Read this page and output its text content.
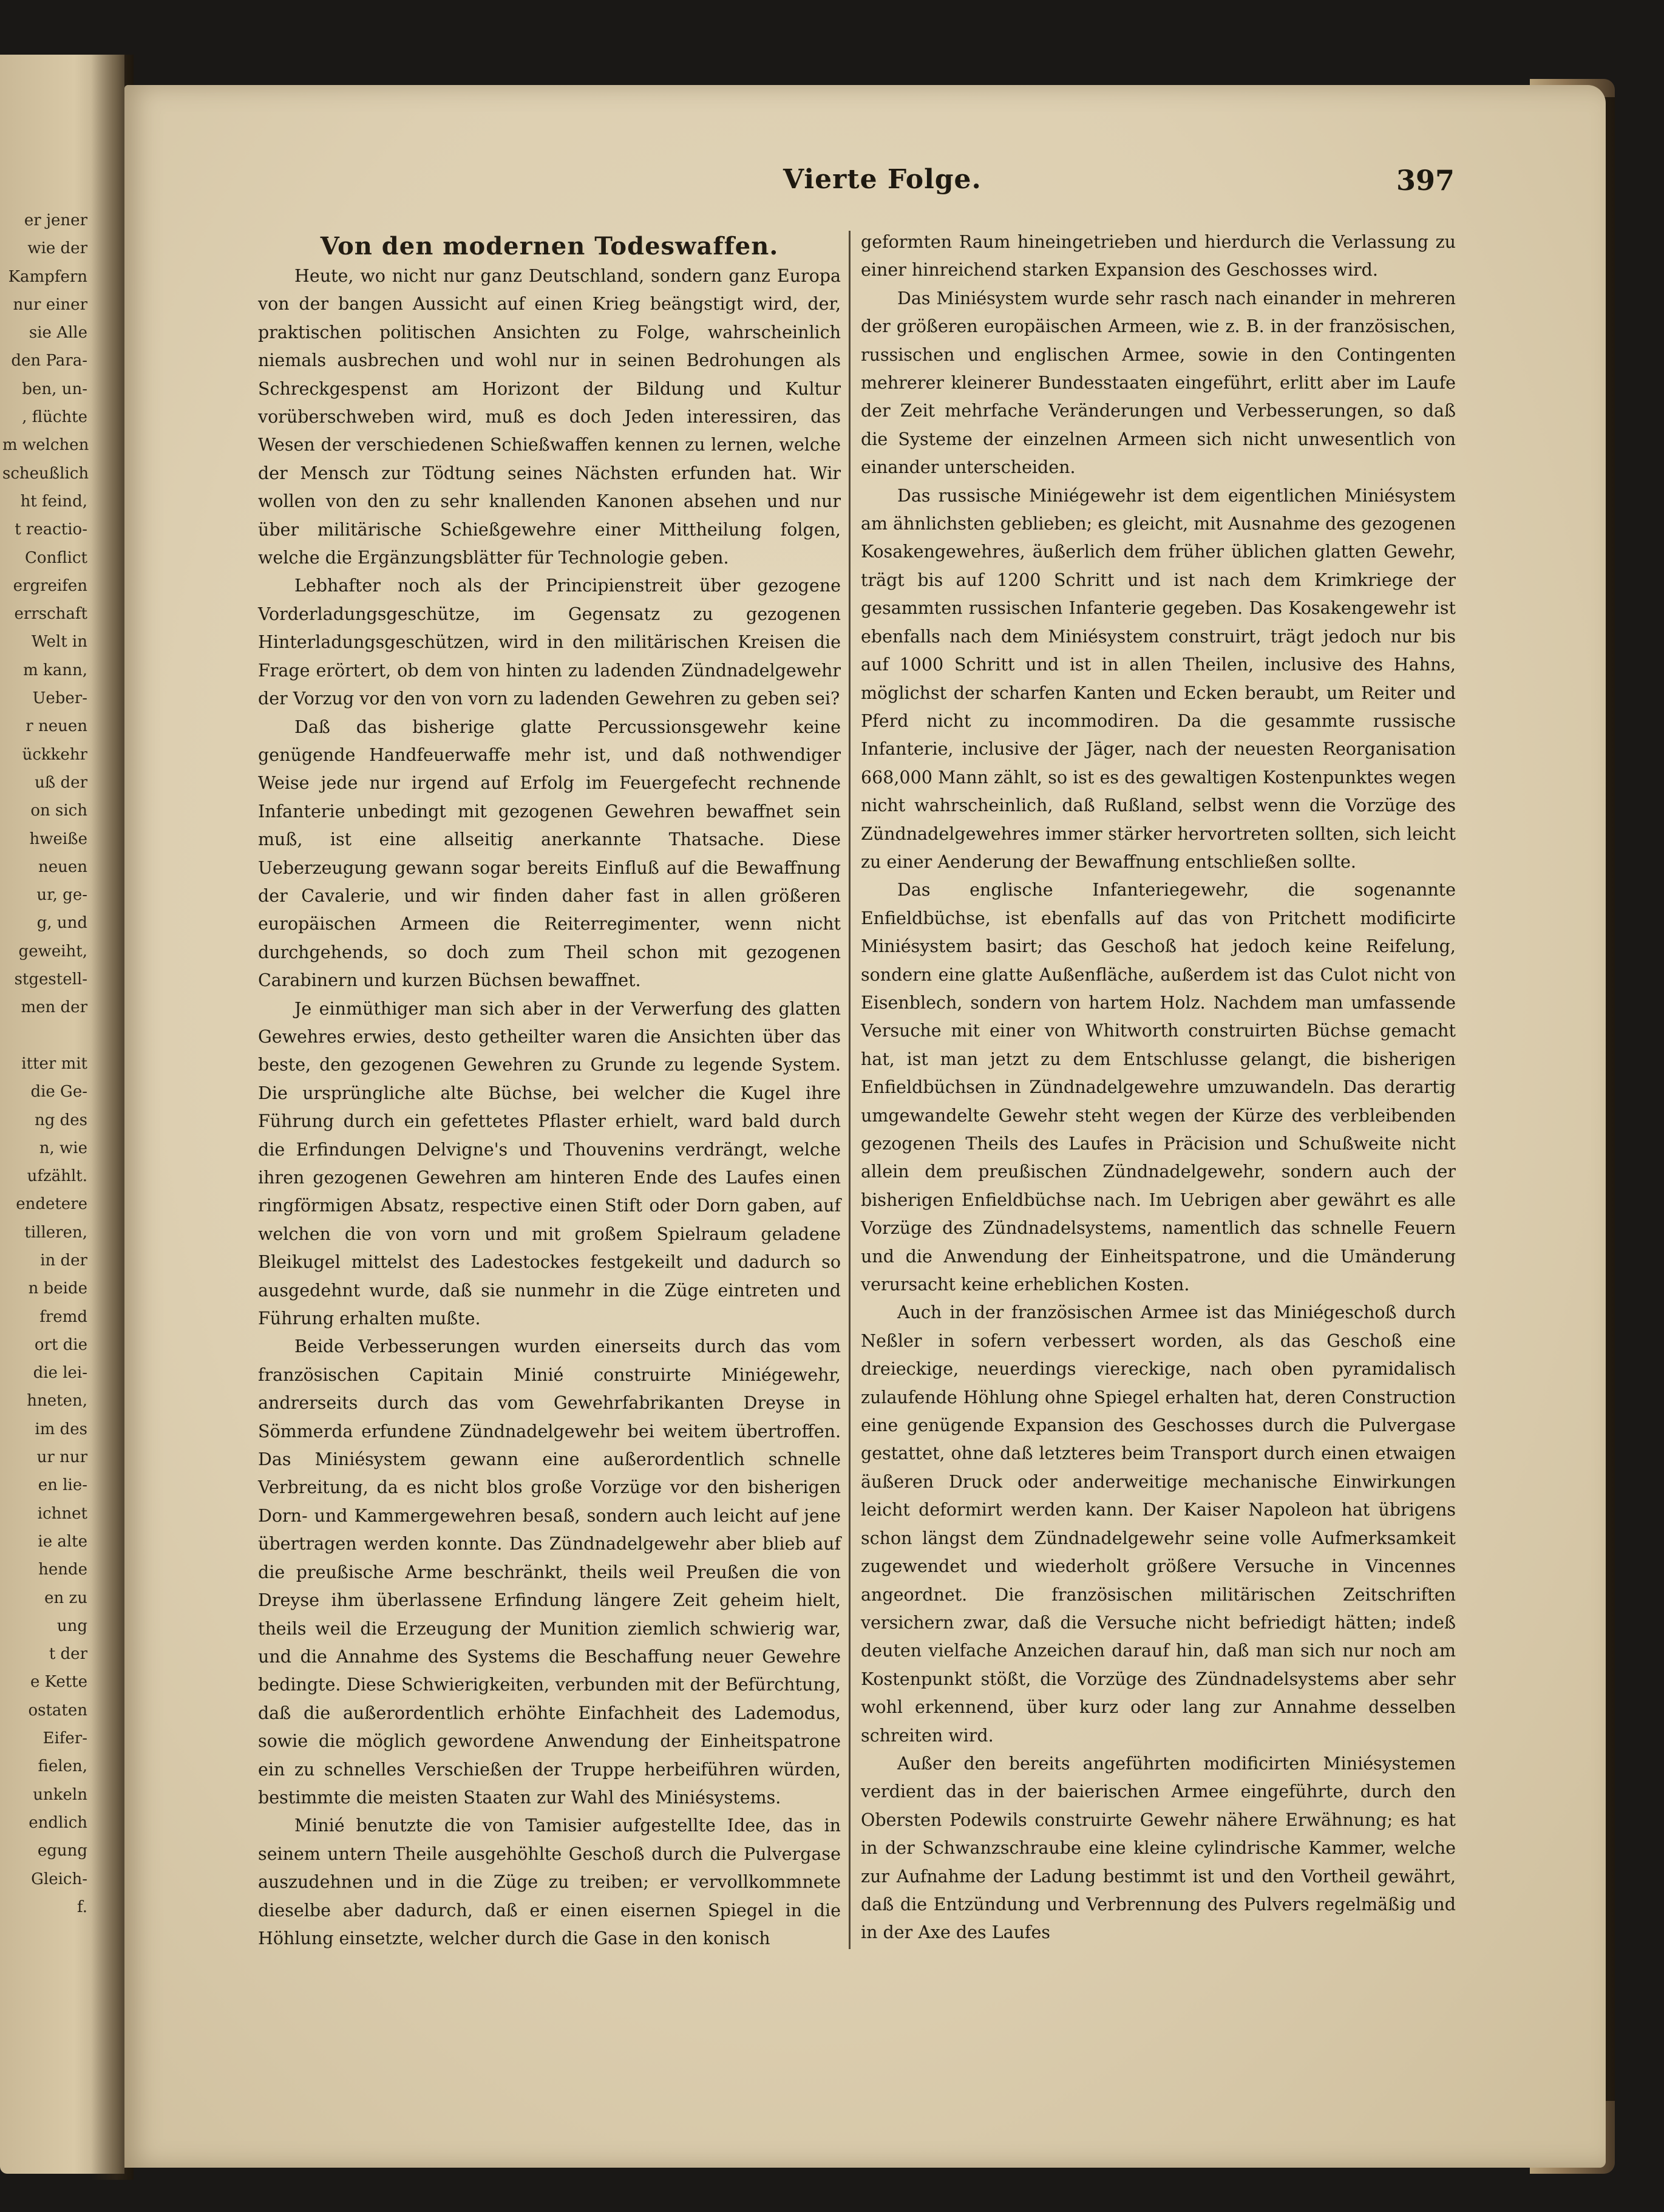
er jener
wie der
Kampfern
nur einer
sie Alle
den Para-
ben, un-
, flüchte
m welchen
scheußlich
ht feind,
t reactio-
Conflict
ergreifen
errschaft
Welt in
m kann,
Ueber-
r neuen
ückkehr
uß der
on sich
hweiße
neuen
ur, ge-
g, und
geweiht,
stgestell-
men der

itter mit
die Ge-
ng des
n, wie
ufzählt.
endetere
tilleren,
in der
n beide
fremd
ort die
die lei-
hneten,
im des
ur nur
en lie-
ichnet
ie alte
hende
en zu
ung
t der
e Kette
ostaten
Eifer-
fielen,
unkeln
endlich
egung
Gleich-
f.
Vierte Folge.	397
Von den modernen Todeswaffen.

Heute, wo nicht nur ganz Deutschland, sondern ganz Europa von der bangen Aussicht auf einen Krieg beängstigt wird, der, praktischen politischen Ansichten zu Folge, wahrscheinlich niemals ausbrechen und wohl nur in seinen Bedrohungen als Schreckgespenst am Horizont der Bildung und Kultur vorüberschweben wird, muß es doch Jeden interessiren, das Wesen der verschiedenen Schießwaffen kennen zu lernen, welche der Mensch zur Tödtung seines Nächsten erfunden hat. Wir wollen von den zu sehr knallenden Kanonen absehen und nur über militärische Schießgewehre einer Mittheilung folgen, welche die Ergänzungsblätter für Technologie geben.

Lebhafter noch als der Principienstreit über gezogene Vorderladungsgeschütze, im Gegensatz zu gezogenen Hinterladungsgeschützen, wird in den militärischen Kreisen die Frage erörtert, ob dem von hinten zu ladenden Zündnadelgewehr der Vorzug vor den von vorn zu ladenden Gewehren zu geben sei?

Daß das bisherige glatte Percussionsgewehr keine genügende Handfeuerwaffe mehr ist, und daß nothwendiger Weise jede nur irgend auf Erfolg im Feuergefecht rechnende Infanterie unbedingt mit gezogenen Gewehren bewaffnet sein muß, ist eine allseitig anerkannte Thatsache. Diese Ueberzeugung gewann sogar bereits Einfluß auf die Bewaffnung der Cavalerie, und wir finden daher fast in allen größeren europäischen Armeen die Reiterregimenter, wenn nicht durchgehends, so doch zum Theil schon mit gezogenen Carabinern und kurzen Büchsen bewaffnet.

Je einmüthiger man sich aber in der Verwerfung des glatten Gewehres erwies, desto getheilter waren die Ansichten über das beste, den gezogenen Gewehren zu Grunde zu legende System. Die ursprüngliche alte Büchse, bei welcher die Kugel ihre Führung durch ein gefettetes Pflaster erhielt, ward bald durch die Erfindungen Delvigne's und Thouvenins verdrängt, welche ihren gezogenen Gewehren am hinteren Ende des Laufes einen ringförmigen Absatz, respective einen Stift oder Dorn gaben, auf welchen die von vorn und mit großem Spielraum geladene Bleikugel mittelst des Ladestockes festgekeilt und dadurch so ausgedehnt wurde, daß sie nunmehr in die Züge eintreten und Führung erhalten mußte.

Beide Verbesserungen wurden einerseits durch das vom französischen Capitain Minié construirte Miniégewehr, andrerseits durch das vom Gewehrfabrikanten Dreyse in Sömmerda erfundene Zündnadelgewehr bei weitem übertroffen. Das Miniésystem gewann eine außerordentlich schnelle Verbreitung, da es nicht blos große Vorzüge vor den bisherigen Dorn- und Kammergewehren besaß, sondern auch leicht auf jene übertragen werden konnte. Das Zündnadelgewehr aber blieb auf die preußische Arme beschränkt, theils weil Preußen die von Dreyse ihm überlassene Erfindung längere Zeit geheim hielt, theils weil die Erzeugung der Munition ziemlich schwierig war, und die Annahme des Systems die Beschaffung neuer Gewehre bedingte. Diese Schwierigkeiten, verbunden mit der Befürchtung, daß die außerordentlich erhöhte Einfachheit des Lademodus, sowie die möglich gewordene Anwendung der Einheitspatrone ein zu schnelles Verschießen der Truppe herbeiführen würden, bestimmte die meisten Staaten zur Wahl des Miniésystems.

Minié benutzte die von Tamisier aufgestellte Idee, das in seinem untern Theile ausgehöhlte Geschoß durch die Pulvergase auszudehnen und in die Züge zu treiben; er vervollkommnete dieselbe aber dadurch, daß er einen eisernen Spiegel in die Höhlung einsetzte, welcher durch die Gase in den konisch

geformten Raum hineingetrieben und hierdurch die Verlassung zu einer hinreichend starken Expansion des Geschosses wird.

Das Miniésystem wurde sehr rasch nach einander in mehreren der größeren europäischen Armeen, wie z. B. in der französischen, russischen und englischen Armee, sowie in den Contingenten mehrerer kleinerer Bundesstaaten eingeführt, erlitt aber im Laufe der Zeit mehrfache Veränderungen und Verbesserungen, so daß die Systeme der einzelnen Armeen sich nicht unwesentlich von einander unterscheiden.

Das russische Miniégewehr ist dem eigentlichen Miniésystem am ähnlichsten geblieben; es gleicht, mit Ausnahme des gezogenen Kosakengewehres, äußerlich dem früher üblichen glatten Gewehr, trägt bis auf 1200 Schritt und ist nach dem Krimkriege der gesammten russischen Infanterie gegeben. Das Kosakengewehr ist ebenfalls nach dem Miniésystem construirt, trägt jedoch nur bis auf 1000 Schritt und ist in allen Theilen, inclusive des Hahns, möglichst der scharfen Kanten und Ecken beraubt, um Reiter und Pferd nicht zu incommodiren. Da die gesammte russische Infanterie, inclusive der Jäger, nach der neuesten Reorganisation 668,000 Mann zählt, so ist es des gewaltigen Kostenpunktes wegen nicht wahrscheinlich, daß Rußland, selbst wenn die Vorzüge des Zündnadelgewehres immer stärker hervortreten sollten, sich leicht zu einer Aenderung der Bewaffnung entschließen sollte.

Das englische Infanteriegewehr, die sogenannte Enfieldbüchse, ist ebenfalls auf das von Pritchett modificirte Miniésystem basirt; das Geschoß hat jedoch keine Reifelung, sondern eine glatte Außenfläche, außerdem ist das Culot nicht von Eisenblech, sondern von hartem Holz. Nachdem man umfassende Versuche mit einer von Whitworth construirten Büchse gemacht hat, ist man jetzt zu dem Entschlusse gelangt, die bisherigen Enfieldbüchsen in Zündnadelgewehre umzuwandeln. Das derartig umgewandelte Gewehr steht wegen der Kürze des verbleibenden gezogenen Theils des Laufes in Präcision und Schußweite nicht allein dem preußischen Zündnadelgewehr, sondern auch der bisherigen Enfieldbüchse nach. Im Uebrigen aber gewährt es alle Vorzüge des Zündnadelsystems, namentlich das schnelle Feuern und die Anwendung der Einheitspatrone, und die Umänderung verursacht keine erheblichen Kosten.

Auch in der französischen Armee ist das Miniégeschoß durch Neßler in sofern verbessert worden, als das Geschoß eine dreieckige, neuerdings viereckige, nach oben pyramidalisch zulaufende Höhlung ohne Spiegel erhalten hat, deren Construction eine genügende Expansion des Geschosses durch die Pulvergase gestattet, ohne daß letzteres beim Transport durch einen etwaigen äußeren Druck oder anderweitige mechanische Einwirkungen leicht deformirt werden kann. Der Kaiser Napoleon hat übrigens schon längst dem Zündnadelgewehr seine volle Aufmerksamkeit zugewendet und wiederholt größere Versuche in Vincennes angeordnet. Die französischen militärischen Zeitschriften versichern zwar, daß die Versuche nicht befriedigt hätten; indeß deuten vielfache Anzeichen darauf hin, daß man sich nur noch am Kostenpunkt stößt, die Vorzüge des Zündnadelsystems aber sehr wohl erkennend, über kurz oder lang zur Annahme desselben schreiten wird.

Außer den bereits angeführten modificirten Miniésystemen verdient das in der baierischen Armee eingeführte, durch den Obersten Podewils construirte Gewehr nähere Erwähnung; es hat in der Schwanzschraube eine kleine cylindrische Kammer, welche zur Aufnahme der Ladung bestimmt ist und den Vortheil gewährt, daß die Entzündung und Verbrennung des Pulvers regelmäßig und in der Axe des Laufes
